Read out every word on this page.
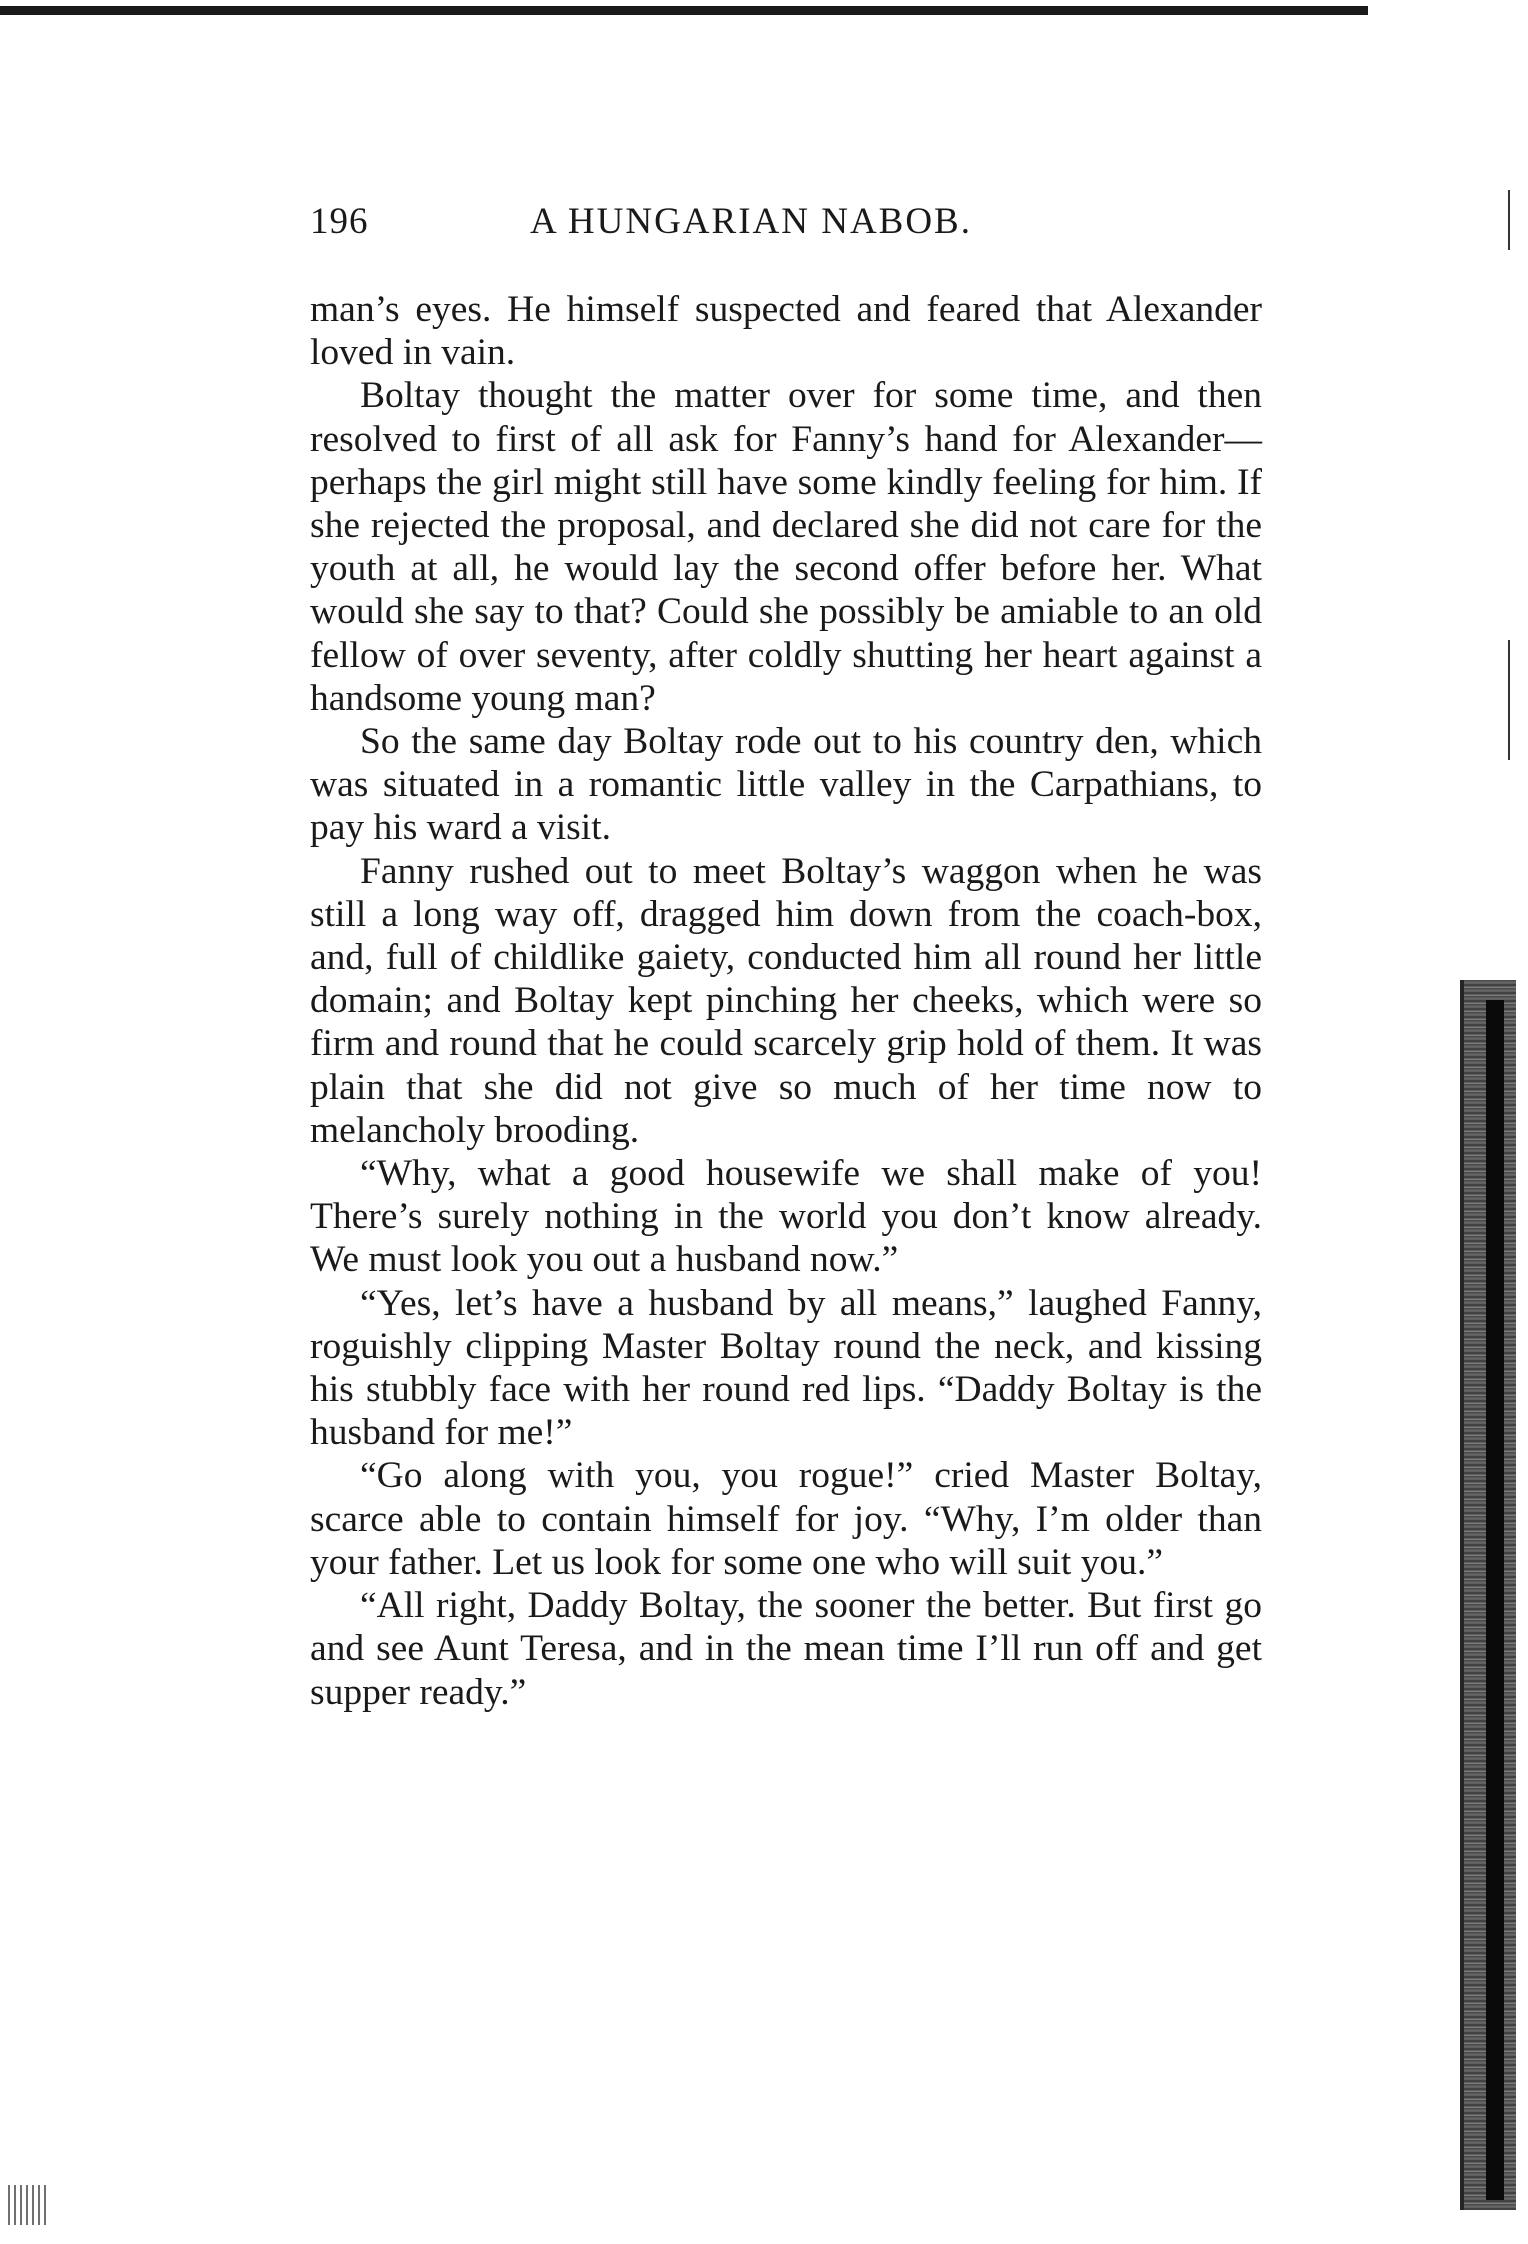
196	A HUNGARIAN NABOB.

man’s eyes. He himself suspected and feared that Alexander loved in vain.

Boltay thought the matter over for some time, and then resolved to first of all ask for Fanny’s hand for Alexander—perhaps the girl might still have some kindly feeling for him. If she rejected the proposal, and declared she did not care for the youth at all, he would lay the second offer before her. What would she say to that? Could she possibly be amiable to an old fellow of over seventy, after coldly shutting her heart against a handsome young man?

So the same day Boltay rode out to his country den, which was situated in a romantic little valley in the Carpathians, to pay his ward a visit.

Fanny rushed out to meet Boltay’s waggon when he was still a long way off, dragged him down from the coach-box, and, full of childlike gaiety, conducted him all round her little domain; and Boltay kept pinching her cheeks, which were so firm and round that he could scarcely grip hold of them. It was plain that she did not give so much of her time now to melancholy brooding.

“Why, what a good housewife we shall make of you! There’s surely nothing in the world you don’t know already. We must look you out a husband now.”

“Yes, let’s have a husband by all means,” laughed Fanny, roguishly clipping Master Boltay round the neck, and kissing his stubbly face with her round red lips. “Daddy Boltay is the husband for me!”

“Go along with you, you rogue!” cried Master Boltay, scarce able to contain himself for joy. “Why, I’m older than your father. Let us look for some one who will suit you.”

“All right, Daddy Boltay, the sooner the better. But first go and see Aunt Teresa, and in the mean time I’ll run off and get supper ready.”
